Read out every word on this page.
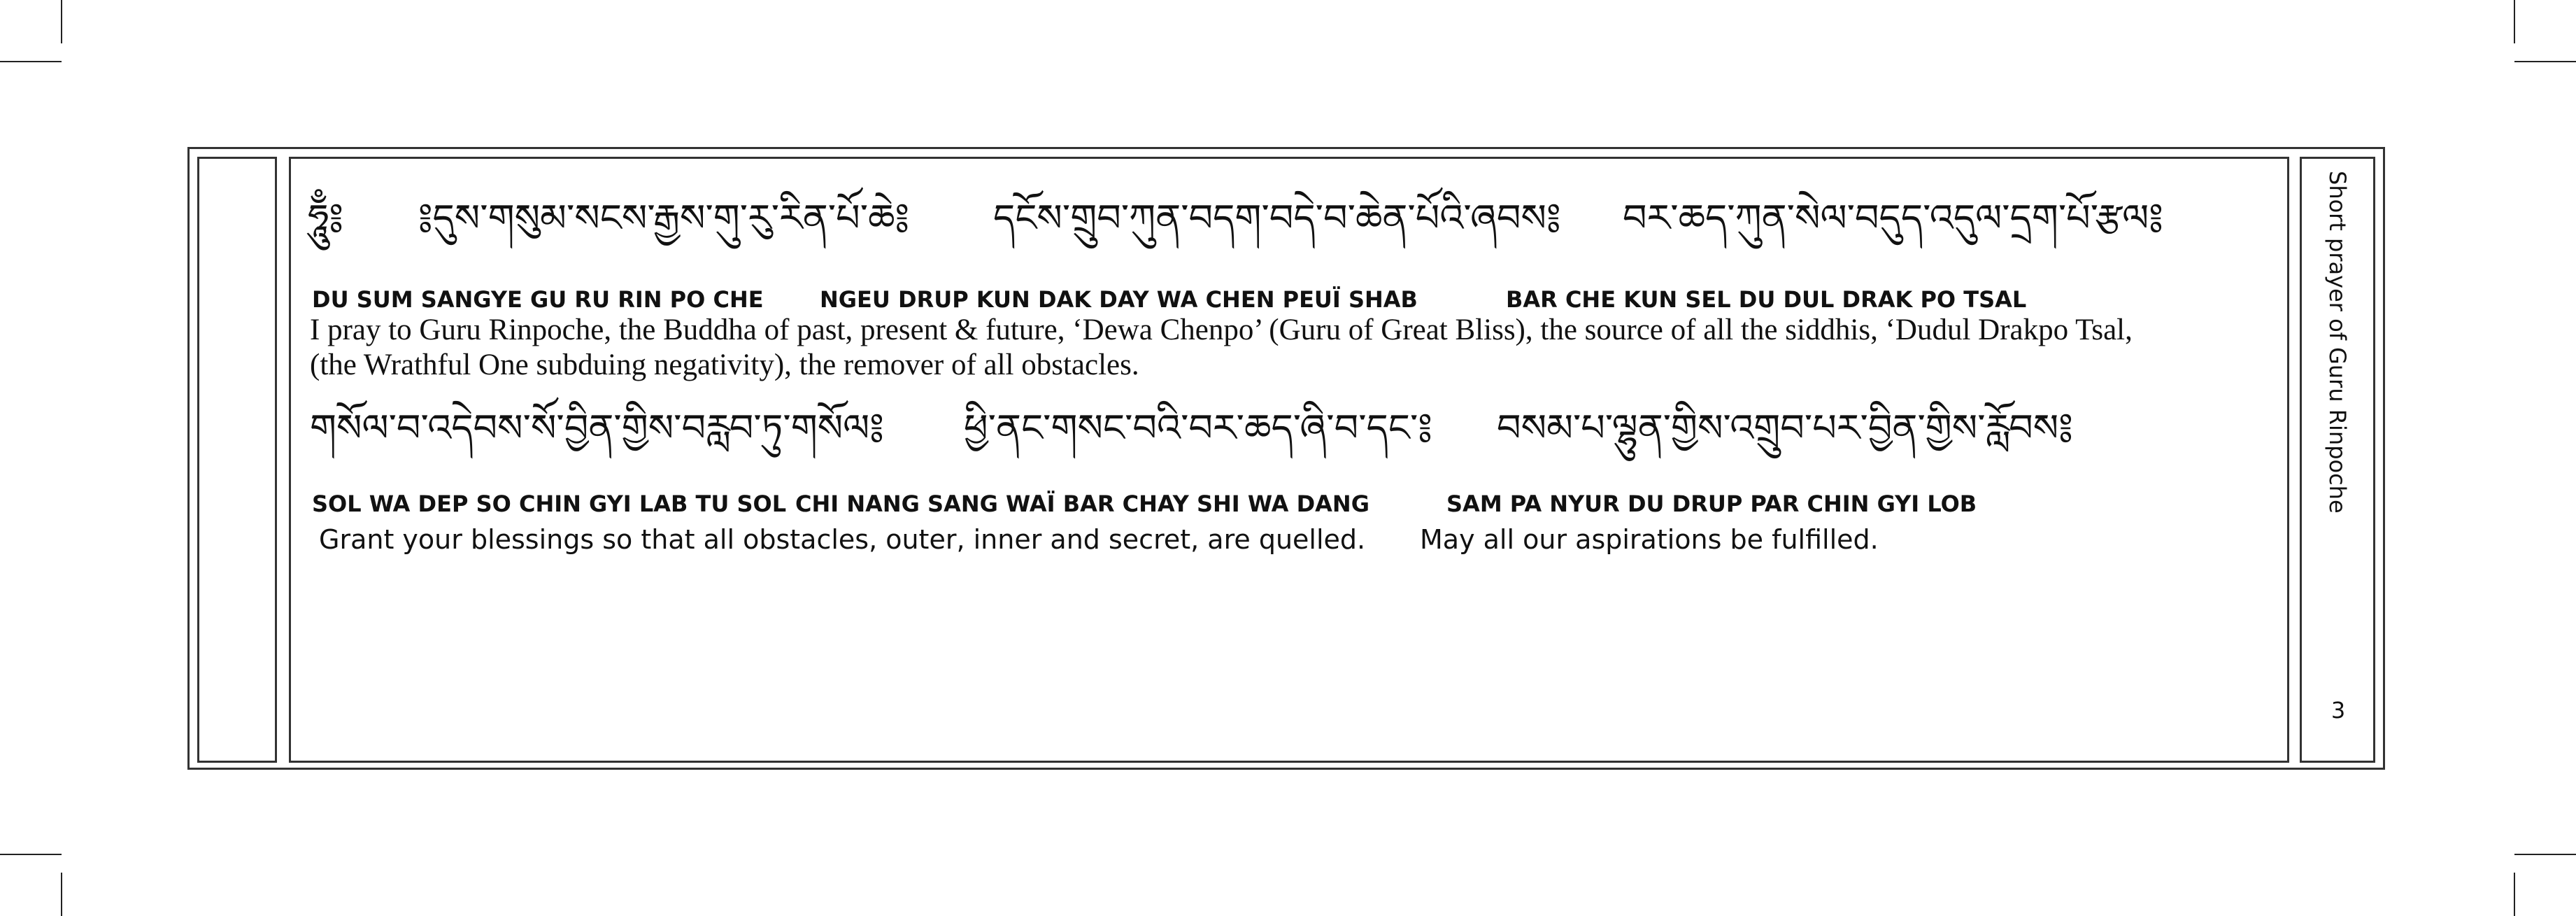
ཧཱུྃ༔ ༔དུས་གསུམ་སངས་རྒྱས་གུ་རུ་རིན་པོ་ཆེ༔ དངོས་གྲུབ་ཀུན་བདག་བདེ་བ་ཆེན་པོའི་ཞབས༔ བར་ཆད་ཀུན་སེལ་བདུད་འདུལ་དྲག་པོ་རྩལ༔
DU SUM SANGYE GU RU RIN PO CHE	NGEU DRUP KUN DAK DAY WA CHEN PEUÏ SHAB	BAR CHE KUN SEL DU DUL DRAK PO TSAL
I pray to Guru Rinpoche, the Buddha of past, present & future, ‘Dewa Chenpo’ (Guru of Great Bliss), the source of all the siddhis, ‘Dudul Drakpo Tsal,
(the Wrathful One subduing negativity), the remover of all obstacles.
གསོལ་བ་འདེབས་སོ་བྱིན་གྱིས་བརླབ་ཏུ་གསོལ༔ ཕྱི་ནང་གསང་བའི་བར་ཆད་ཞི་བ་དང་༔ བསམ་པ་ལྷུན་གྱིས་འགྲུབ་པར་བྱིན་གྱིས་རློབས༔
SOL WA DEP SO CHIN GYI LAB TU SOL CHI NANG SANG WAÏ BAR CHAY SHI WA DANG	SAM PA NYUR DU DRUP PAR CHIN GYI LOB
Grant your blessings so that all obstacles, outer, inner and secret, are quelled. May all our aspirations be fulfilled.
Short prayer of Guru Rinpoche
3
